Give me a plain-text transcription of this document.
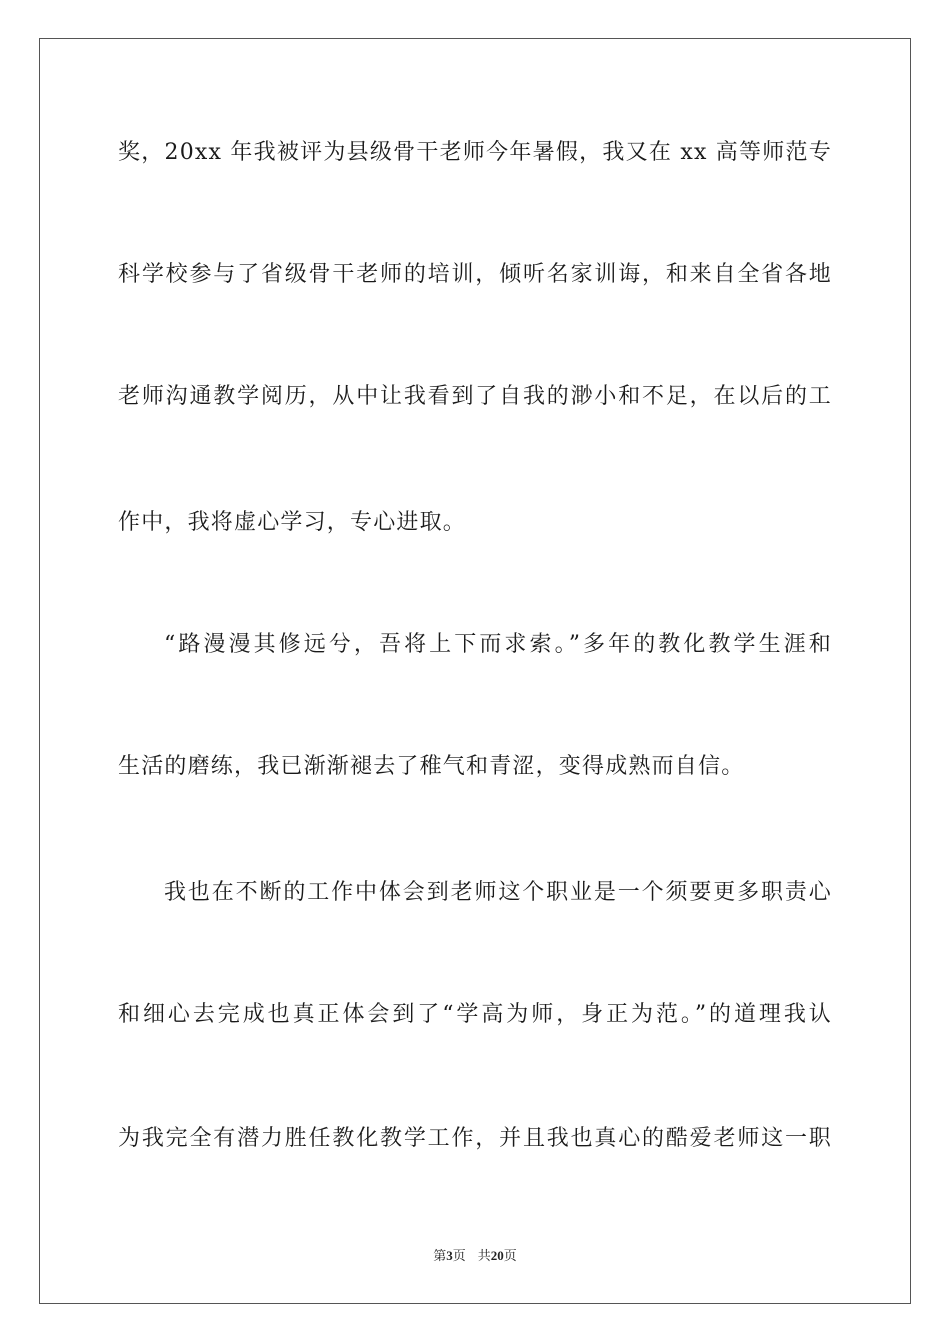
奖，20xx 年我被评为县级骨干老师今年暑假，我又在 xx 高等师范专
科学校参与了省级骨干老师的培训，倾听名家训诲，和来自全省各地
老师沟通教学阅历，从中让我看到了自我的渺小和不足，在以后的工
作中，我将虚心学习，专心进取。
“路漫漫其修远兮，吾将上下而求索。”多年的教化教学生涯和
生活的磨练，我已渐渐褪去了稚气和青涩，变得成熟而自信。
我也在不断的工作中体会到老师这个职业是一个须要更多职责心
和细心去完成也真正体会到了“学高为师，身正为范。”的道理我认
为我完全有潜力胜任教化教学工作，并且我也真心的酷爱老师这一职
第3页 共20页
